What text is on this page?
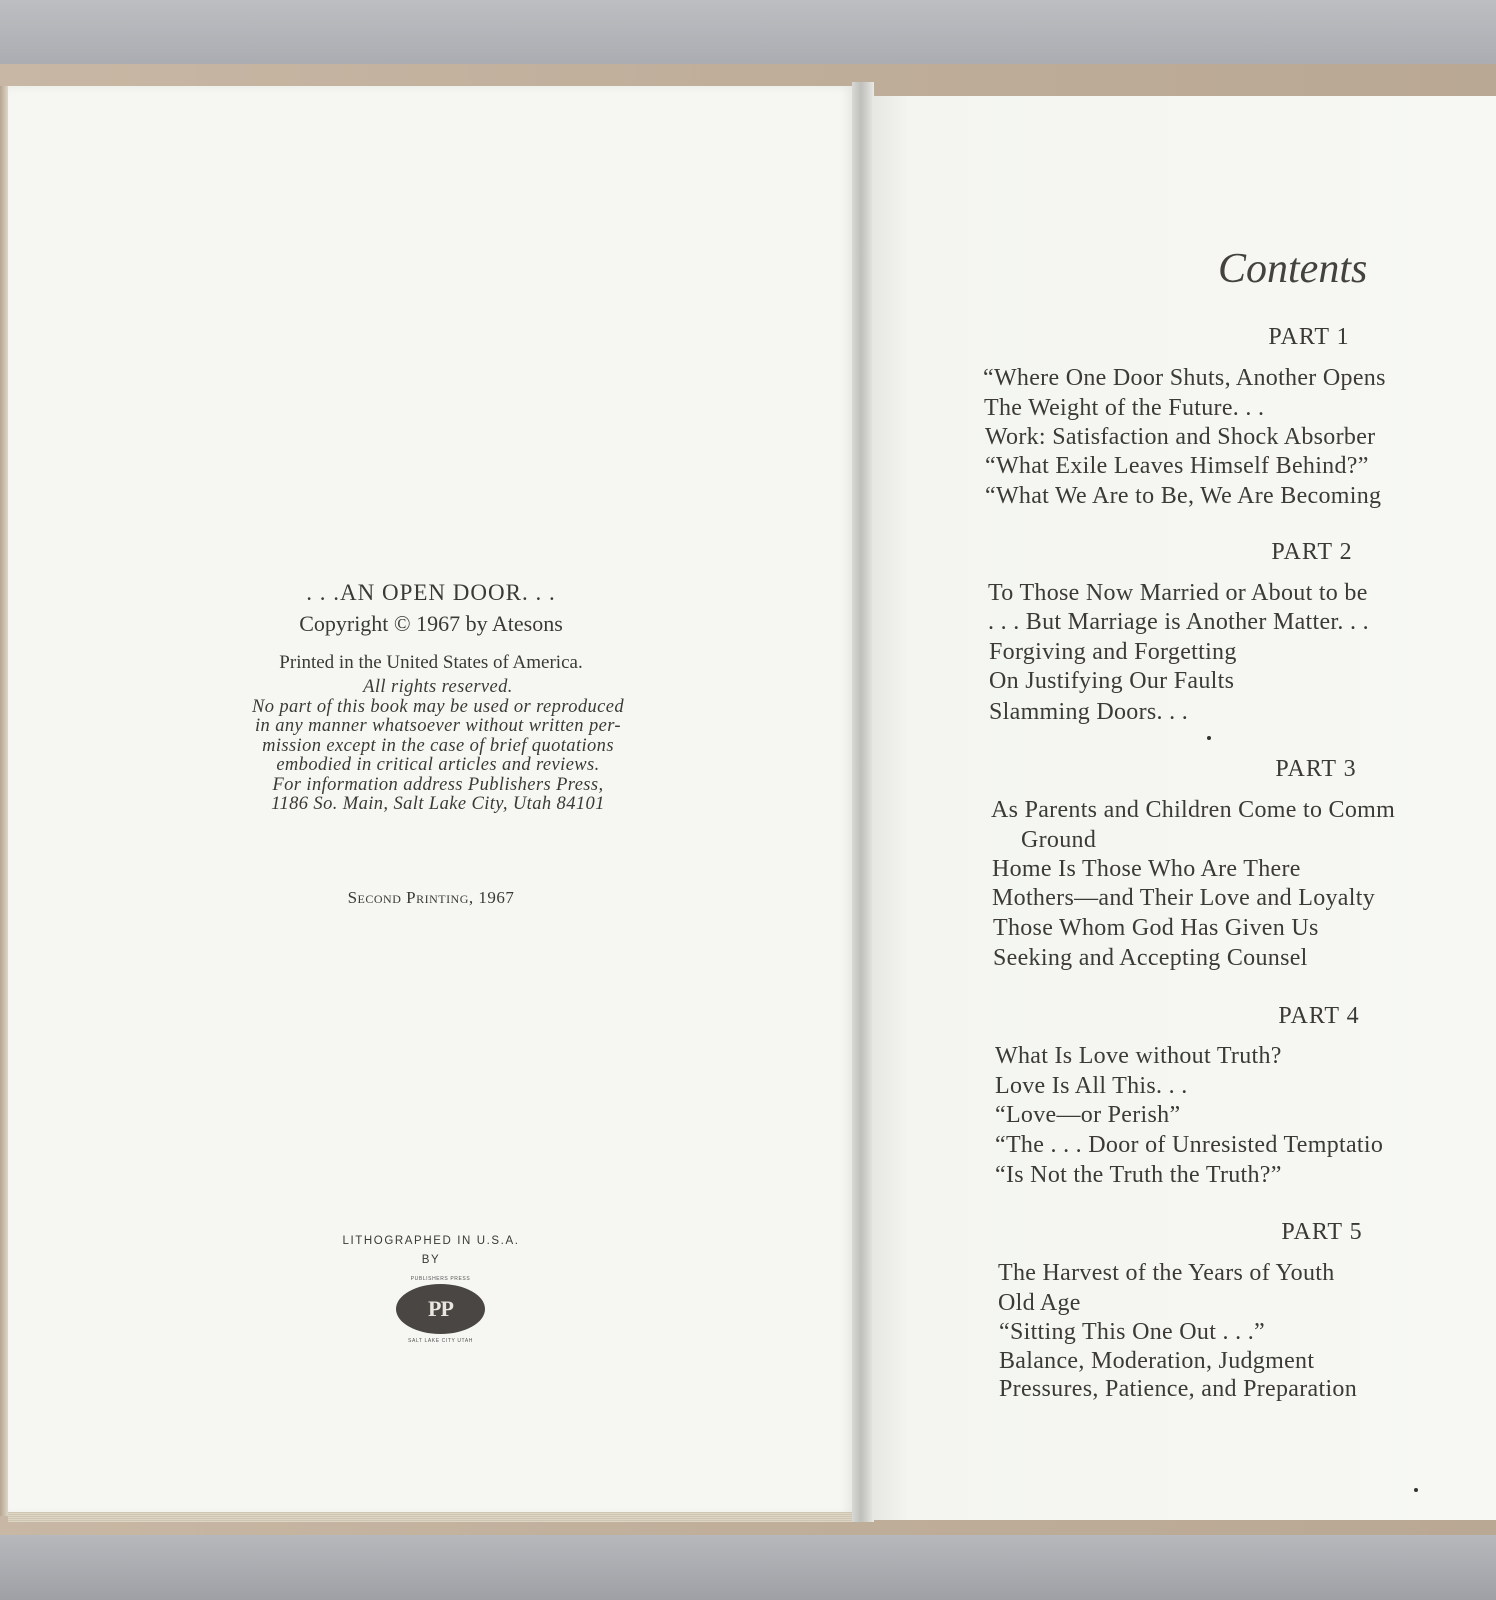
. . .AN OPEN DOOR. . .
Copyright © 1967 by Atesons
Printed in the United States of America.
All rights reserved.
No part of this book may be used or reproduced
in any manner whatsoever without written per-
mission except in the case of brief quotations
embodied in critical articles and reviews.
For information address Publishers Press,
1186 So. Main, Salt Lake City, Utah 84101
Second Printing, 1967
LITHOGRAPHED IN U.S.A.
BY
PUBLISHERS PRESS
PP
SALT LAKE CITY UTAH
Contents
PART 1
“Where One Door Shuts, Another Opens
The Weight of the Future. . .
Work: Satisfaction and Shock Absorber
“What Exile Leaves Himself Behind?”
“What We Are to Be, We Are Becoming
PART 2
To Those Now Married or About to be
. . . But Marriage is Another Matter. . .
Forgiving and Forgetting
On Justifying Our Faults
Slamming Doors. . .
PART 3
As Parents and Children Come to Comm
Ground
Home Is Those Who Are There
Mothers—and Their Love and Loyalty
Those Whom God Has Given Us
Seeking and Accepting Counsel
PART 4
What Is Love without Truth?
Love Is All This. . .
“Love—or Perish”
“The . . . Door of Unresisted Temptatio
“Is Not the Truth the Truth?”
PART 5
The Harvest of the Years of Youth
Old Age
“Sitting This One Out . . .”
Balance, Moderation, Judgment
Pressures, Patience, and Preparation
